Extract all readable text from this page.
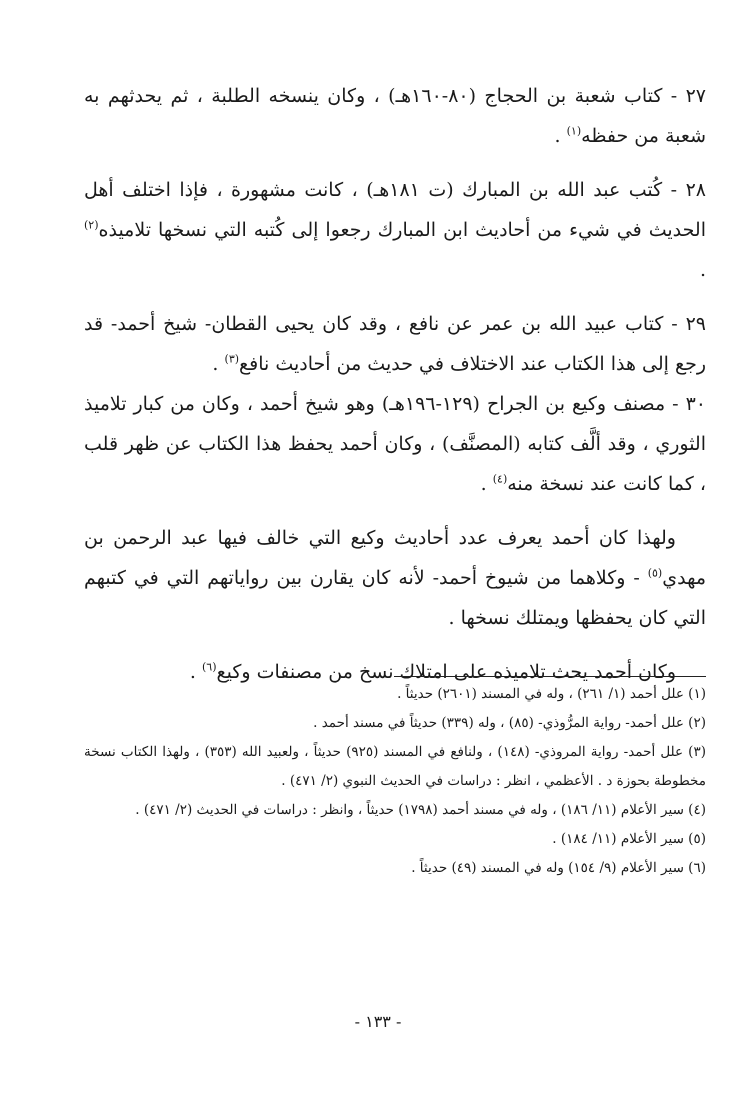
٢٧ - كتاب شعبة بن الحجاج (٨٠-١٦٠هـ) ، وكان ينسخه الطلبة ، ثم يحدثهم به شعبة من حفظه$^{(١)}$ .

٢٨ - كُتب عبد الله بن المبارك (ت ١٨١هـ) ، كانت مشهورة ، فإذا اختلف أهل الحديث في شيء من أحاديث ابن المبارك رجعوا إلى كُتبه التي نسخها تلاميذه$^{(٢)}$ .

٢٩ - كتاب عبيد الله بن عمر عن نافع ، وقد كان يحيى القطان- شيخ أحمد- قد رجع إلى هذا الكتاب عند الاختلاف في حديث من أحاديث نافع$^{(٣)}$ .

٣٠ - مصنف وكيع بن الجراح (١٢٩-١٩٦هـ) وهو شيخ أحمد ، وكان من كبار تلاميذ الثوري ، وقد ألَّف كتابه (المصنَّف) ، وكان أحمد يحفظ هذا الكتاب عن ظهر قلب ، كما كانت عند نسخة منه$^{(٤)}$ .

ولهذا كان أحمد يعرف عدد أحاديث وكيع التي خالف فيها عبد الرحمن بن مهدي$^{(٥)}$ - وكلاهما من شيوخ أحمد- لأنه كان يقارن بين رواياتهم التي في كتبهم التي كان يحفظها ويمتلك نسخها .

وكان أحمد يحث تلاميذه على امتلاك نسخ من مصنفات وكيع$^{(٦)}$ .

(١) علل أحمد (١/ ٢٦١) ، وله في المسند (٢٦٠١) حديثاً .

(٢) علل أحمد- رواية المرُّوذي- (٨٥) ، وله (٣٣٩) حديثاً في مسند أحمد .

(٣) علل أحمد- رواية المروذي- (١٤٨) ، ولنافع في المسند (٩٢٥) حديثاً ، ولعبيد الله (٣٥٣) ، ولهذا الكتاب نسخة مخطوطة بحوزة د . الأعظمي ، انظر : دراسات في الحديث النبوي (٢/ ٤٧١) .

(٤) سير الأعلام (١١/ ١٨٦) ، وله في مسند أحمد (١٧٩٨) حديثاً ، وانظر : دراسات في الحديث (٢/ ٤٧١) .

(٥) سير الأعلام (١١/ ١٨٤) .

(٦) سير الأعلام (٩/ ١٥٤) وله في المسند (٤٩) حديثاً .

- ١٣٣ -
